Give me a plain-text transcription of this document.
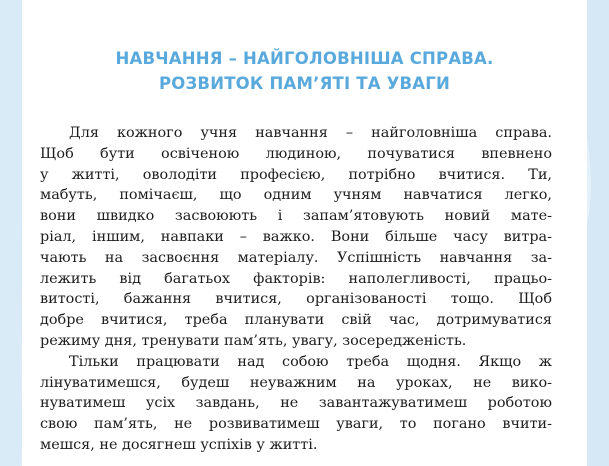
НАВЧАННЯ – НАЙГОЛОВНІША СПРАВА.
РОЗВИТОК ПАМ’ЯТІ ТА УВАГИ
Для кожного учня навчання – найголовніша справа.
Щоб бути освіченою людиною, почуватися впевнено
у житті, оволодіти професією, потрібно вчитися. Ти,
мабуть, помічаєш, що одним учням навчатися легко,
вони швидко засвоюють і запам’ятовують новий мате-
ріал, іншим, навпаки – важко. Вони більше часу витра-
чають на засвоєння матеріалу. Успішність навчання за-
лежить від багатьох факторів: наполегливості, працьо-
витості, бажання вчитися, організованості тощо. Щоб
добре вчитися, треба планувати свій час, дотримуватися
режиму дня, тренувати пам’ять, увагу, зосередженість.
Тільки працювати над собою треба щодня. Якщо ж
лінуватимешся, будеш неуважним на уроках, не вико-
нуватимеш усіх завдань, не завантажуватимеш роботою
свою пам’ять, не розвиватимеш уваги, то погано вчити-
мешся, не досягнеш успіхів у житті.
